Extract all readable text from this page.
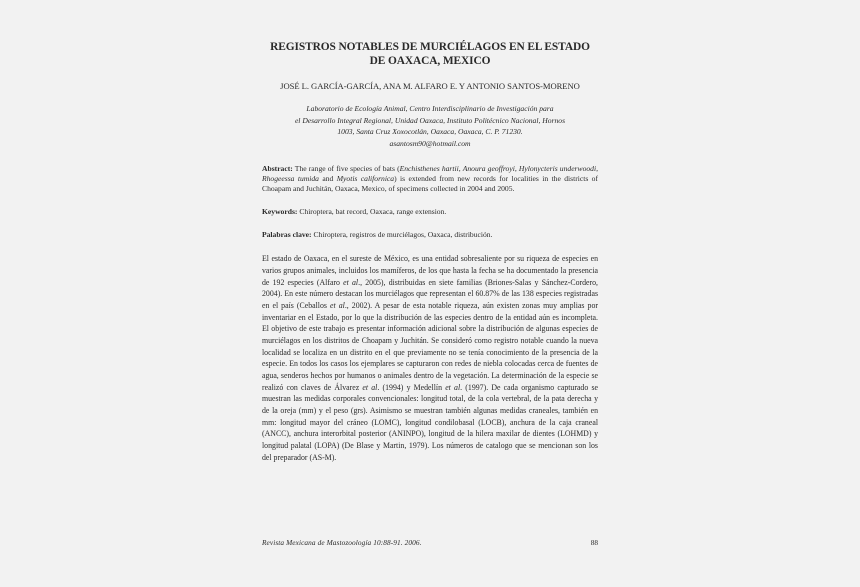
REGISTROS NOTABLES DE MURCIÉLAGOS EN EL ESTADO
DE OAXACA, MEXICO
JOSÉ L. GARCÍA-GARCÍA, ANA M. ALFARO E. Y ANTONIO SANTOS-MORENO
Laboratorio de Ecología Animal, Centro Interdisciplinario de Investigación para
el Desarrollo Integral Regional, Unidad Oaxaca, Instituto Politécnico Nacional, Hornos
1003, Santa Cruz Xoxocotlán, Oaxaca, Oaxaca, C. P. 71230.
asantosm90@hotmail.com

Abstract: The range of five species of bats (Enchisthenes hartii, Anoura geoffroyi, Hylonycteris underwoodi, Rhogeessa tumida and Myotis californica) is extended from new records for localities in the districts of Choapam and Juchitán, Oaxaca, Mexico, of specimens collected in 2004 and 2005.

Keywords: Chiroptera, bat record, Oaxaca, range extension.

Palabras clave: Chiroptera, registros de murciélagos, Oaxaca, distribución.

El estado de Oaxaca, en el sureste de México, es una entidad sobresaliente por su riqueza de especies en varios grupos animales, incluidos los mamíferos, de los que hasta la fecha se ha documentado la presencia de 192 especies (Alfaro et al., 2005), distribuidas en siete familias (Briones-Salas y Sánchez-Cordero, 2004). En este número destacan los murciélagos que representan el 60.87% de las 138 especies registradas en el país (Ceballos et al., 2002). A pesar de esta notable riqueza, aún existen zonas muy amplias por inventariar en el Estado, por lo que la distribución de las especies dentro de la entidad aún es incompleta. El objetivo de este trabajo es presentar información adicional sobre la distribución de algunas especies de murciélagos en los distritos de Choapam y Juchitán. Se consideró como registro notable cuando la nueva localidad se localiza en un distrito en el que previamente no se tenía conocimiento de la presencia de la especie. En todos los casos los ejemplares se capturaron con redes de niebla colocadas cerca de fuentes de agua, senderos hechos por humanos o animales dentro de la vegetación. La determinación de la especie se realizó con claves de Álvarez et al. (1994) y Medellín et al. (1997). De cada organismo capturado se muestran las medidas corporales convencionales: longitud total, de la cola vertebral, de la pata derecha y de la oreja (mm) y el peso (grs). Asimismo se muestran también algunas medidas craneales, también en mm: longitud mayor del cráneo (LOMC), longitud condilobasal (LOCB), anchura de la caja craneal (ANCC), anchura interorbital posterior (ANINPO), longitud de la hilera maxilar de dientes (LOHMD) y longitud palatal (LOPA) (De Blase y Martin, 1979). Los números de catalogo que se mencionan son los del preparador (AS-M).

Revista Mexicana de Mastozoología 10:88-91. 2006.	88
